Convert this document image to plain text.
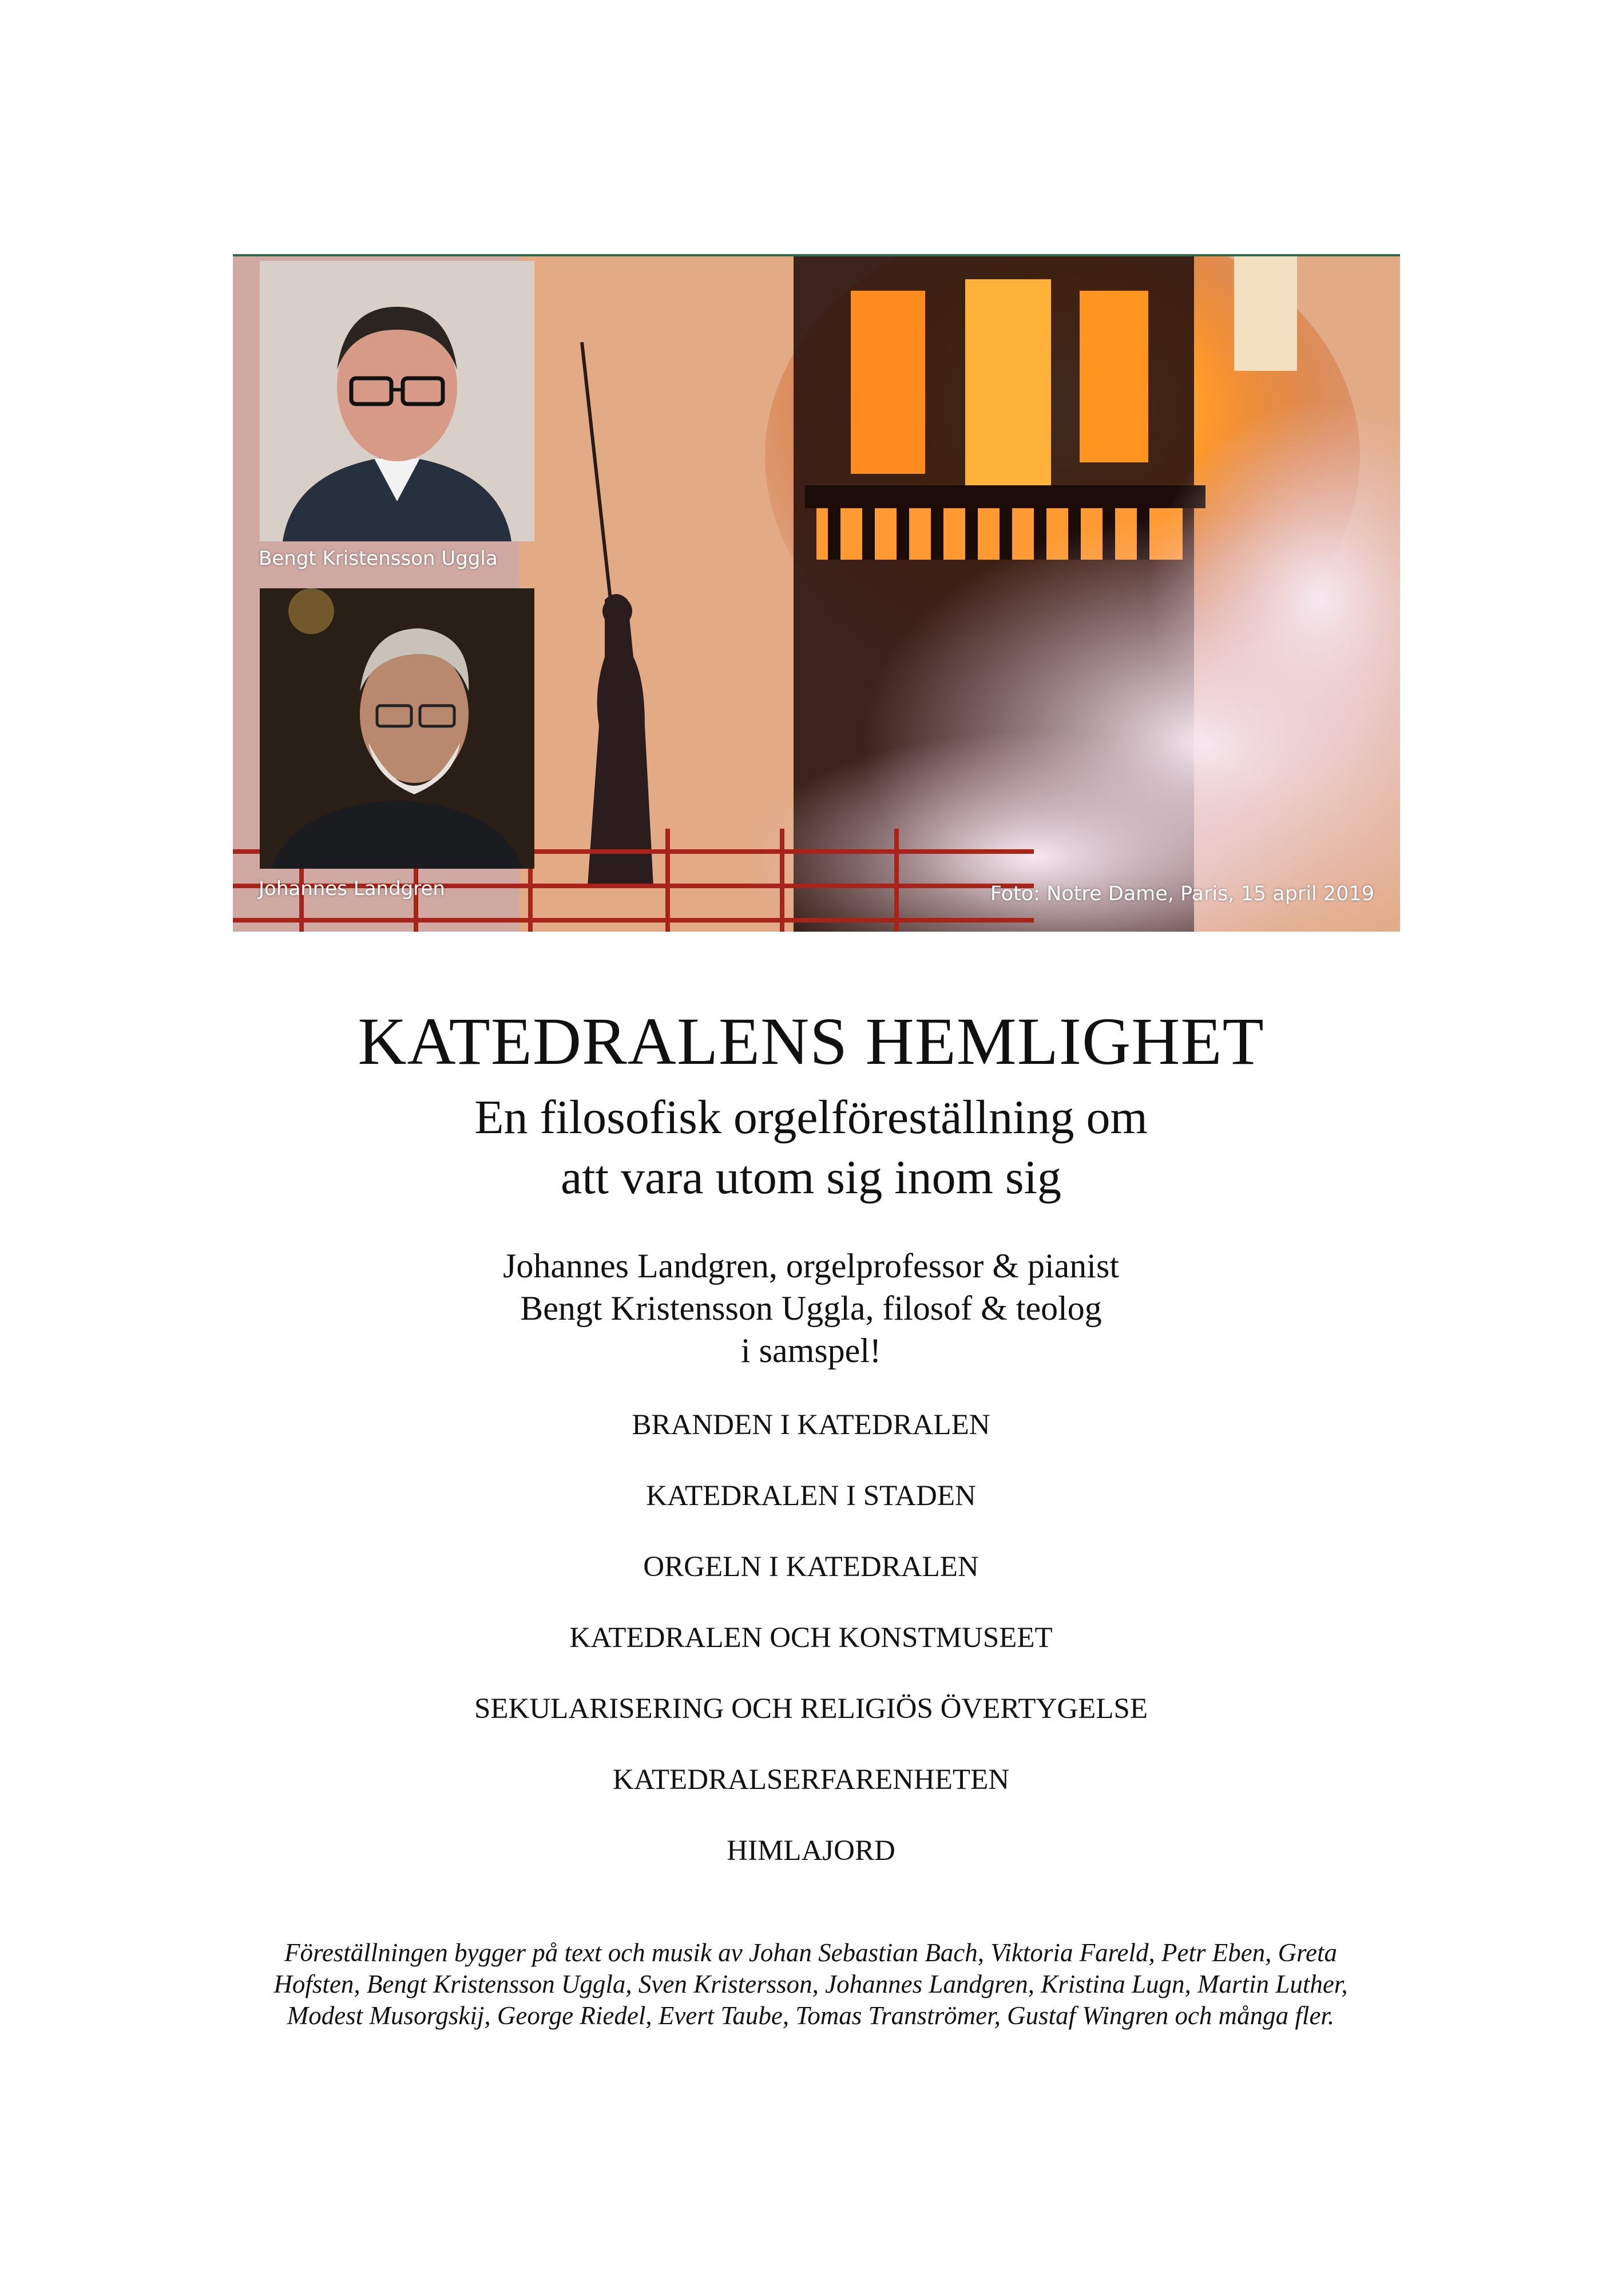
Bengt Kristensson Uggla
Johannes Landgren	Foto: Notre Dame, Paris, 15 april 2019
KATEDRALENS HEMLIGHET
En filosofisk orgelföreställning om
att vara utom sig inom sig
Johannes Landgren, orgelprofessor & pianist
Bengt Kristensson Uggla, filosof & teolog
i samspel!
BRANDEN I KATEDRALEN
KATEDRALEN I STADEN
ORGELN I KATEDRALEN
KATEDRALEN OCH KONSTMUSEET
SEKULARISERING OCH RELIGIÖS ÖVERTYGELSE
KATEDRALSERFARENHETEN
HIMLAJORD
Föreställningen bygger på text och musik av Johan Sebastian Bach, Viktoria Fareld, Petr Eben, Greta Hofsten, Bengt Kristensson Uggla, Sven Kristersson, Johannes Landgren, Kristina Lugn, Martin Luther, Modest Musorgskij, George Riedel, Evert Taube, Tomas Tranströmer, Gustaf Wingren och många fler.
